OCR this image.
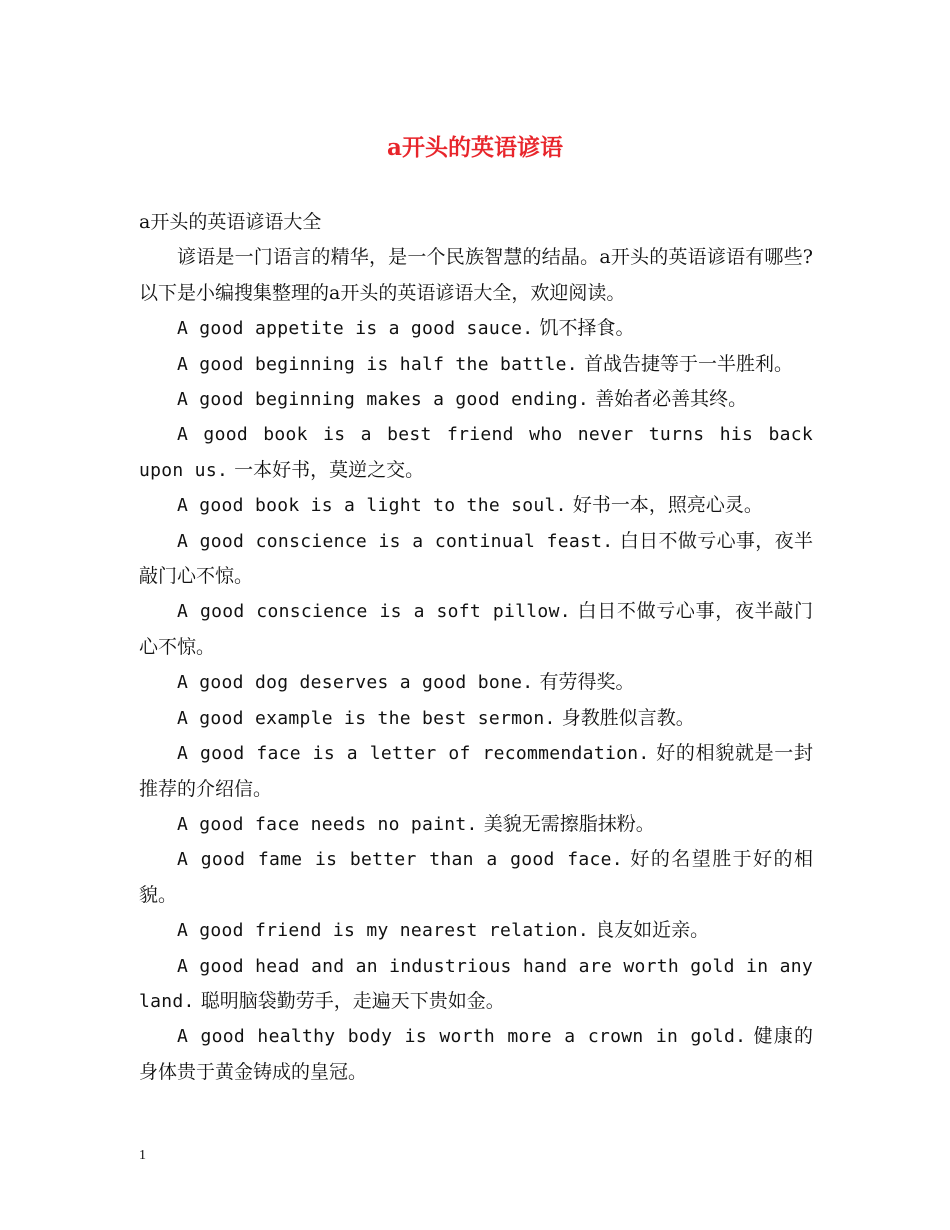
a开头的英语谚语

a开头的英语谚语大全

谚语是一门语言的精华，是一个民族智慧的结晶。a开头的英语谚语有哪些?以下是小编搜集整理的a开头的英语谚语大全，欢迎阅读。

A good appetite is a good sauce. 饥不择食。

A good beginning is half the battle. 首战告捷等于一半胜利。

A good beginning makes a good ending. 善始者必善其终。

A good book is a best friend who never turns his back upon us. 一本好书，莫逆之交。

A good book is a light to the soul. 好书一本，照亮心灵。

A good conscience is a continual feast. 白日不做亏心事，夜半敲门心不惊。

A good conscience is a soft pillow. 白日不做亏心事，夜半敲门心不惊。

A good dog deserves a good bone. 有劳得奖。

A good example is the best sermon. 身教胜似言教。

A good face is a letter of recommendation. 好的相貌就是一封推荐的介绍信。

A good face needs no paint. 美貌无需擦脂抹粉。

A good fame is better than a good face. 好的名望胜于好的相貌。

A good friend is my nearest relation. 良友如近亲。

A good head and an industrious hand are worth gold in any land. 聪明脑袋勤劳手，走遍天下贵如金。

A good healthy body is worth more a crown in gold. 健康的身体贵于黄金铸成的皇冠。

1
